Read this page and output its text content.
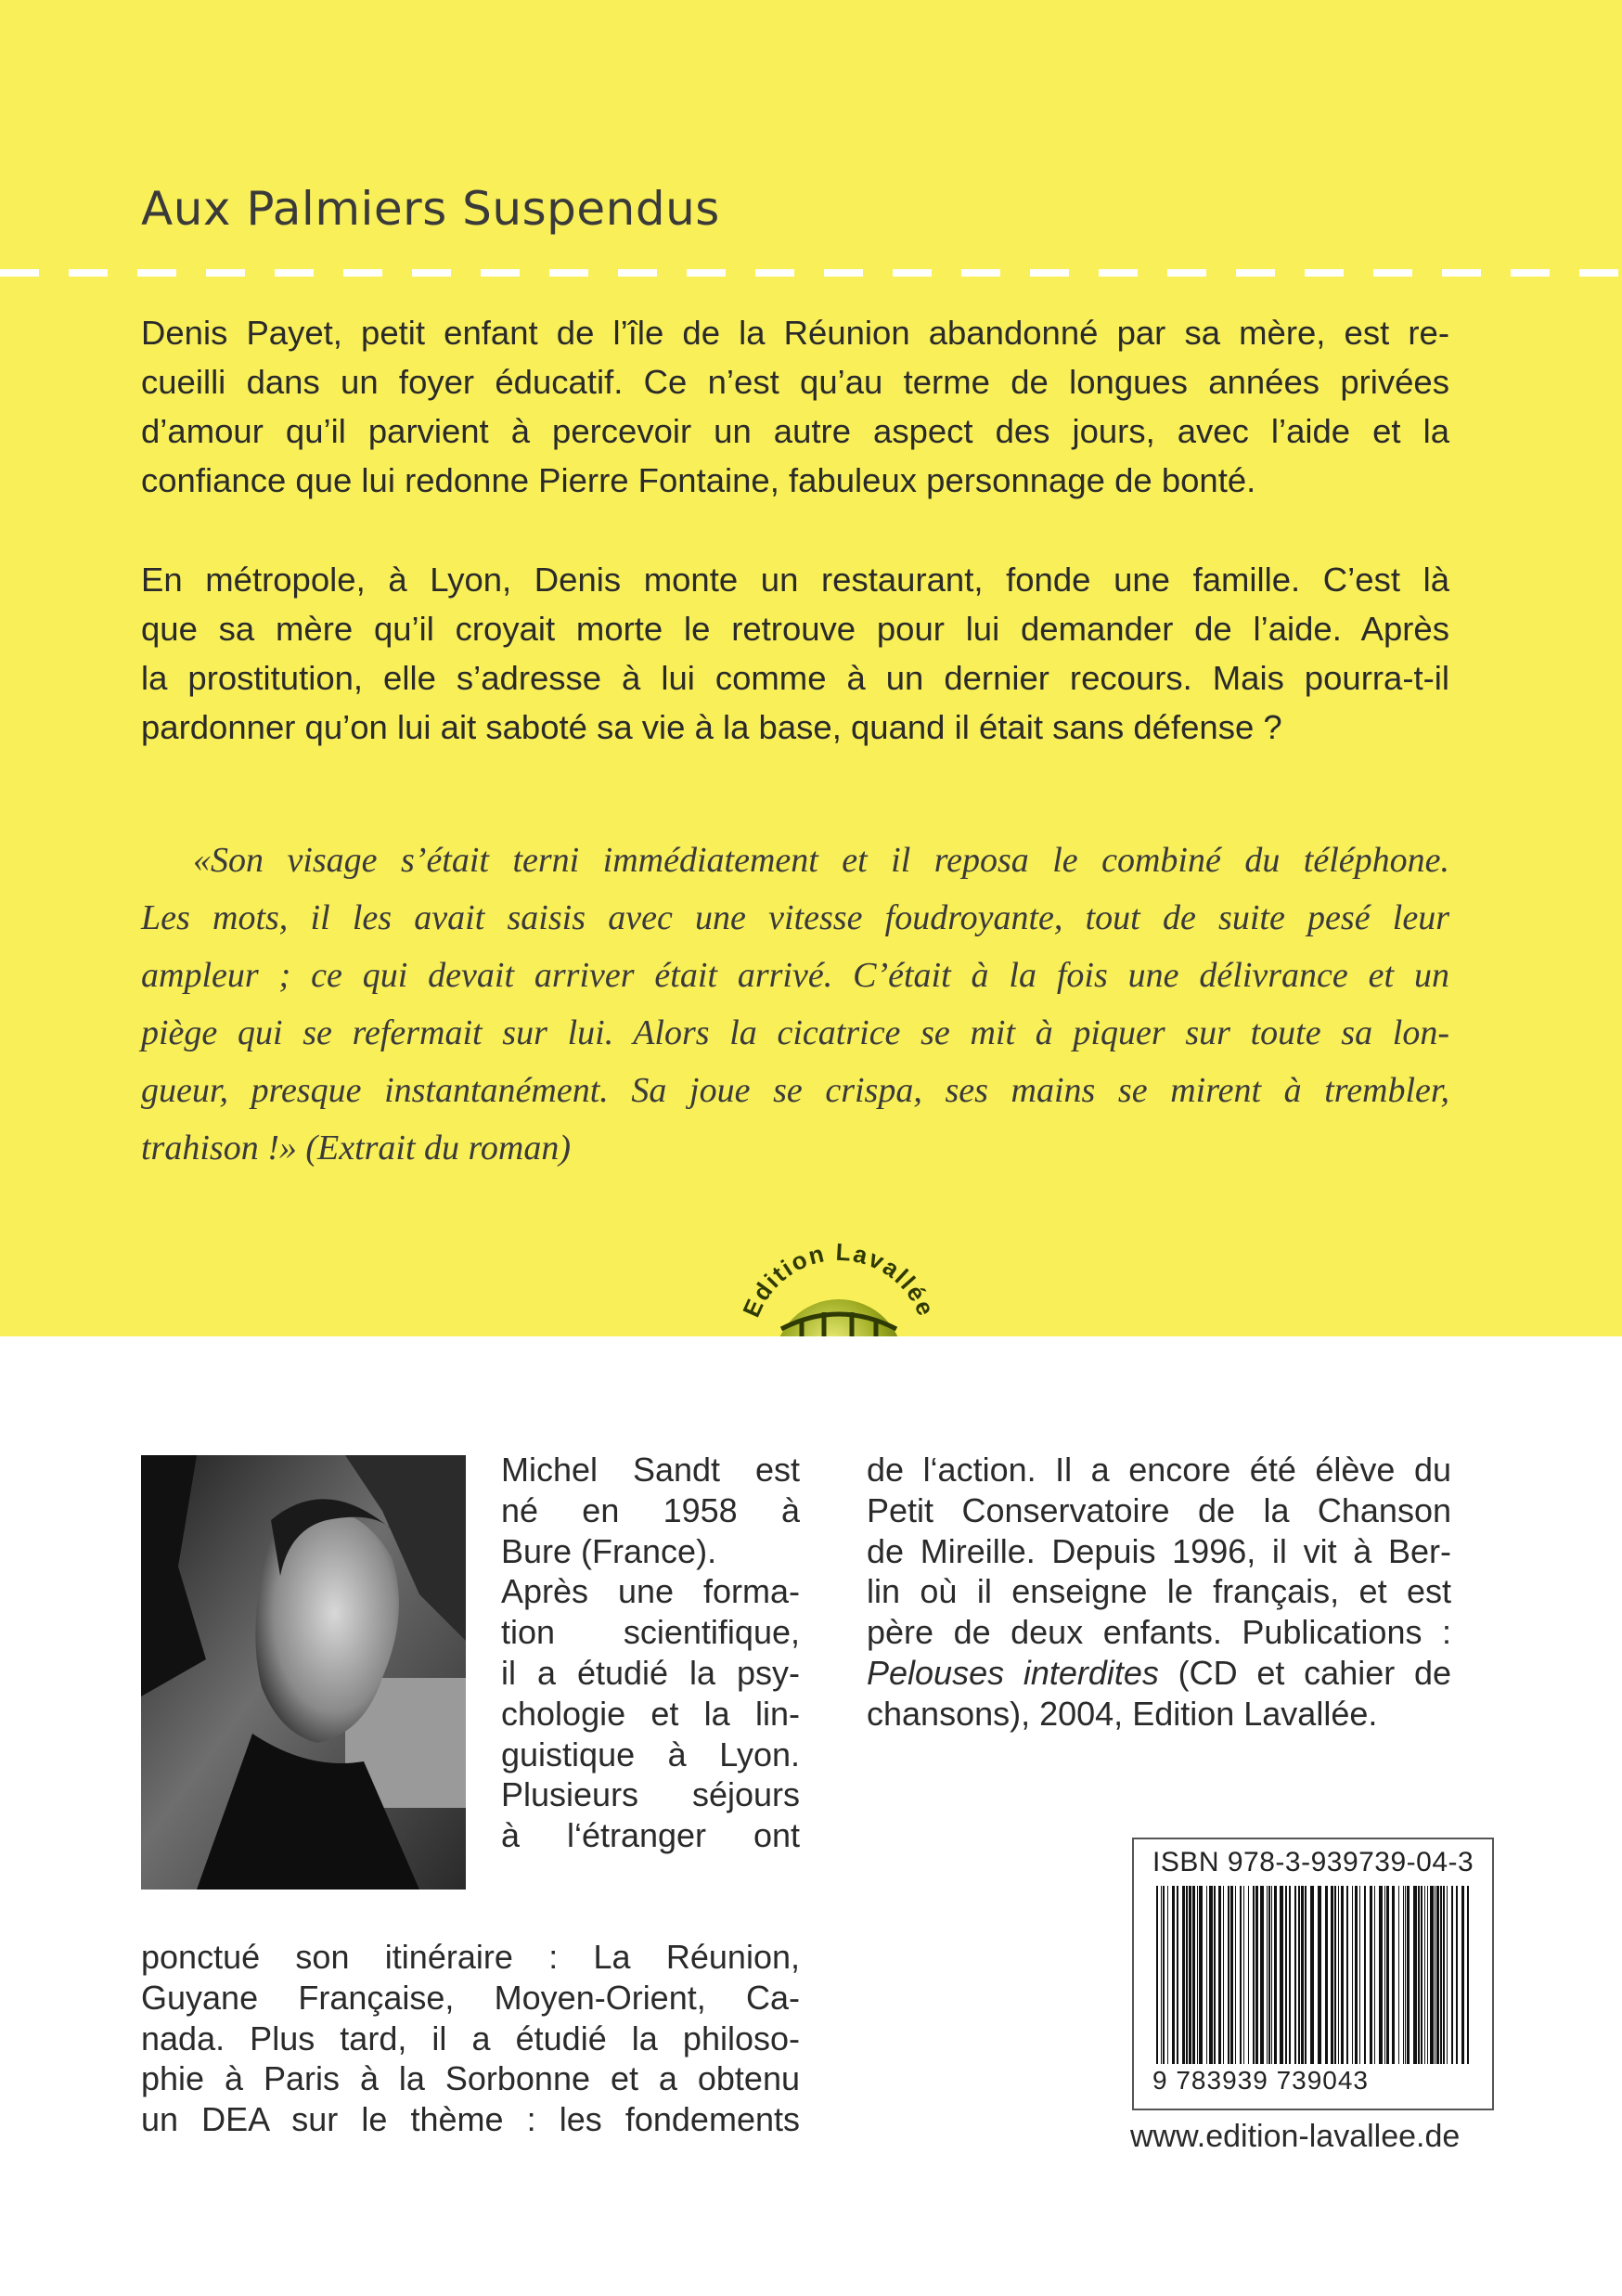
Aux Palmiers Suspendus
Denis Payet, petit enfant de l’île de la Réunion abandonné par sa mère, est re-
cueilli dans un foyer éducatif. Ce n’est qu’au terme de longues années privées
d’amour qu’il parvient à percevoir un autre aspect des jours, avec l’aide et la
confiance que lui redonne Pierre Fontaine, fabuleux personnage de bonté.
En métropole, à Lyon, Denis monte un restaurant, fonde une famille. C’est là
que sa mère qu’il croyait morte le retrouve pour lui demander de l’aide. Après
la prostitution, elle s’adresse à lui comme à un dernier recours. Mais pourra-t-il
pardonner qu’on lui ait saboté sa vie à la base, quand il était sans défense ?
«Son visage s’était terni immédiatement et il reposa le combiné du téléphone.
Les mots, il les avait saisis avec une vitesse foudroyante, tout de suite pesé leur
ampleur ; ce qui devait arriver était arrivé. C’était à la fois une délivrance et un
piège qui se refermait sur lui. Alors la cicatrice se mit à piquer sur toute sa lon-
gueur, presque instantanément. Sa joue se crispa, ses mains se mirent à trembler,
trahison !» (Extrait du roman)
Edition Lavallée
Michel Sandt est
né en 1958 à
Bure (France).
Après une forma-
tion scientifique,
il a étudié la psy-
chologie et la lin-
guistique à Lyon.
Plusieurs séjours
à l‘étranger ont
ponctué son itinéraire : La Réunion,
Guyane Française, Moyen-Orient, Ca-
nada. Plus tard, il a étudié la philoso-
phie à Paris à la Sorbonne et a obtenu
un DEA sur le thème : les fondements
de l‘action. Il a encore été élève du
Petit Conservatoire de la Chanson
de Mireille. Depuis 1996, il vit à Ber-
lin où il enseigne le français, et est
père de deux enfants. Publications :
Pelouses interdites (CD et cahier de
chansons), 2004, Edition Lavallée.
ISBN 978-3-939739-04-3
9 783939 739043
www.edition-lavallee.de
